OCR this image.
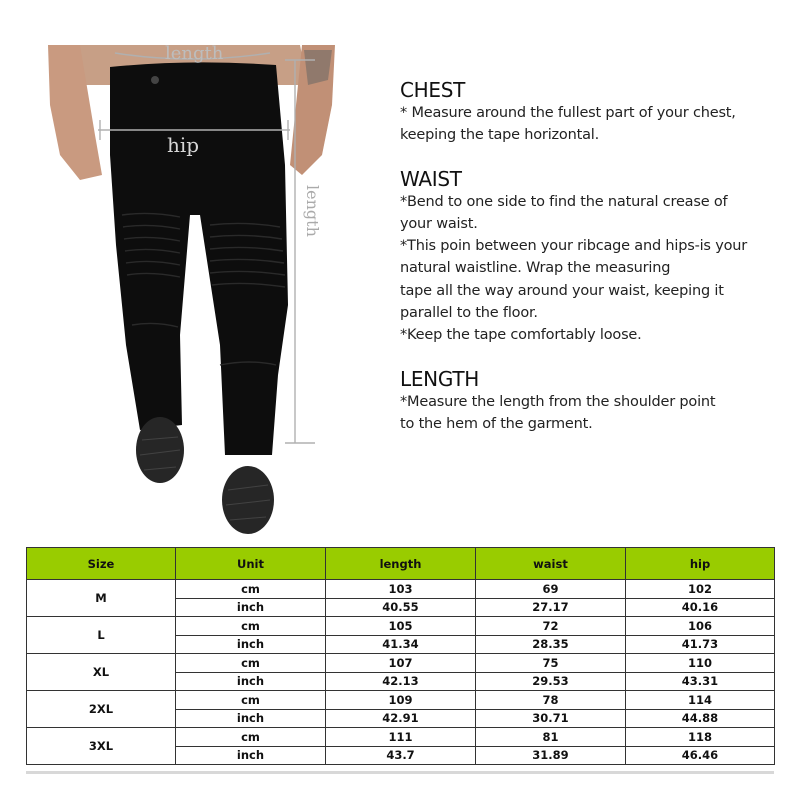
length
hip
length
CHEST

* Measure around the fullest part of your chest,

keeping the tape horizontal.

WAIST

*Bend to one side to find the natural crease of

your waist.

*This poin between your ribcage and hips-is your

natural waistline. Wrap the measuring

tape all the way around your waist, keeping it

parallel to the floor.

*Keep the tape comfortably loose.

LENGTH

*Measure the length from the shoulder point

to the hem of the garment.

Size	Unit	length	waist	hip
M	cm	103	69	102
	inch	40.55	27.17	40.16
L	cm	105	72	106
	inch	41.34	28.35	41.73
XL	cm	107	75	110
	inch	42.13	29.53	43.31
2XL	cm	109	78	114
	inch	42.91	30.71	44.88
3XL	cm	111	81	118
	inch	43.7	31.89	46.46
